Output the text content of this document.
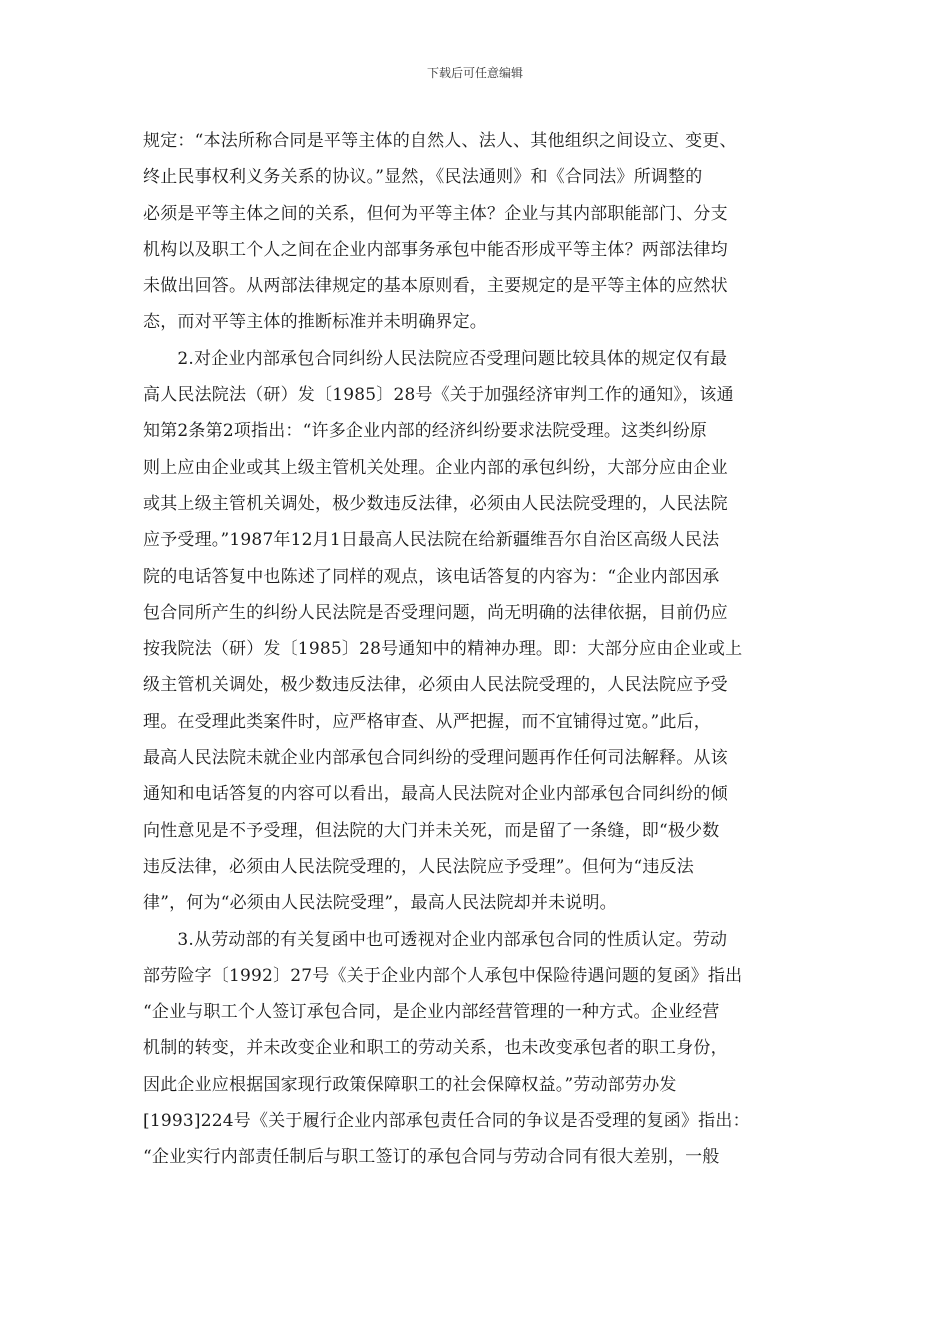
下载后可任意编辑
规定：“本法所称合同是平等主体的自然人、法人、其他组织之间设立、变更、
终止民事权利义务关系的协议。”显然，《民法通则》和《合同法》所调整的
必须是平等主体之间的关系，但何为平等主体？企业与其内部职能部门、分支
机构以及职工个人之间在企业内部事务承包中能否形成平等主体？两部法律均
未做出回答。从两部法律规定的基本原则看，主要规定的是平等主体的应然状
态，而对平等主体的推断标准并未明确界定。
　　2.对企业内部承包合同纠纷人民法院应否受理问题比较具体的规定仅有最
高人民法院法（研）发〔1985〕28号《关于加强经济审判工作的通知》，该通
知第2条第2项指出：“许多企业内部的经济纠纷要求法院受理。这类纠纷原
则上应由企业或其上级主管机关处理。企业内部的承包纠纷，大部分应由企业
或其上级主管机关调处，极少数违反法律，必须由人民法院受理的，人民法院
应予受理。”1987年12月1日最高人民法院在给新疆维吾尔自治区高级人民法
院的电话答复中也陈述了同样的观点，该电话答复的内容为：“企业内部因承
包合同所产生的纠纷人民法院是否受理问题，尚无明确的法律依据，目前仍应
按我院法（研）发〔1985〕28号通知中的精神办理。即：大部分应由企业或上
级主管机关调处，极少数违反法律，必须由人民法院受理的，人民法院应予受
理。在受理此类案件时，应严格审查、从严把握，而不宜铺得过宽。”此后，
最高人民法院未就企业内部承包合同纠纷的受理问题再作任何司法解释。从该
通知和电话答复的内容可以看出，最高人民法院对企业内部承包合同纠纷的倾
向性意见是不予受理，但法院的大门并未关死，而是留了一条缝，即“极少数
违反法律，必须由人民法院受理的，人民法院应予受理”。但何为“违反法
律”，何为“必须由人民法院受理”，最高人民法院却并未说明。
　　3.从劳动部的有关复函中也可透视对企业内部承包合同的性质认定。劳动
部劳险字〔1992〕27号《关于企业内部个人承包中保险待遇问题的复函》指出
“企业与职工个人签订承包合同，是企业内部经营管理的一种方式。企业经营
机制的转变，并未改变企业和职工的劳动关系，也未改变承包者的职工身份，
因此企业应根据国家现行政策保障职工的社会保障权益。”劳动部劳办发
[1993]224号《关于履行企业内部承包责任合同的争议是否受理的复函》指出：
“企业实行内部责任制后与职工签订的承包合同与劳动合同有很大差别，一般
